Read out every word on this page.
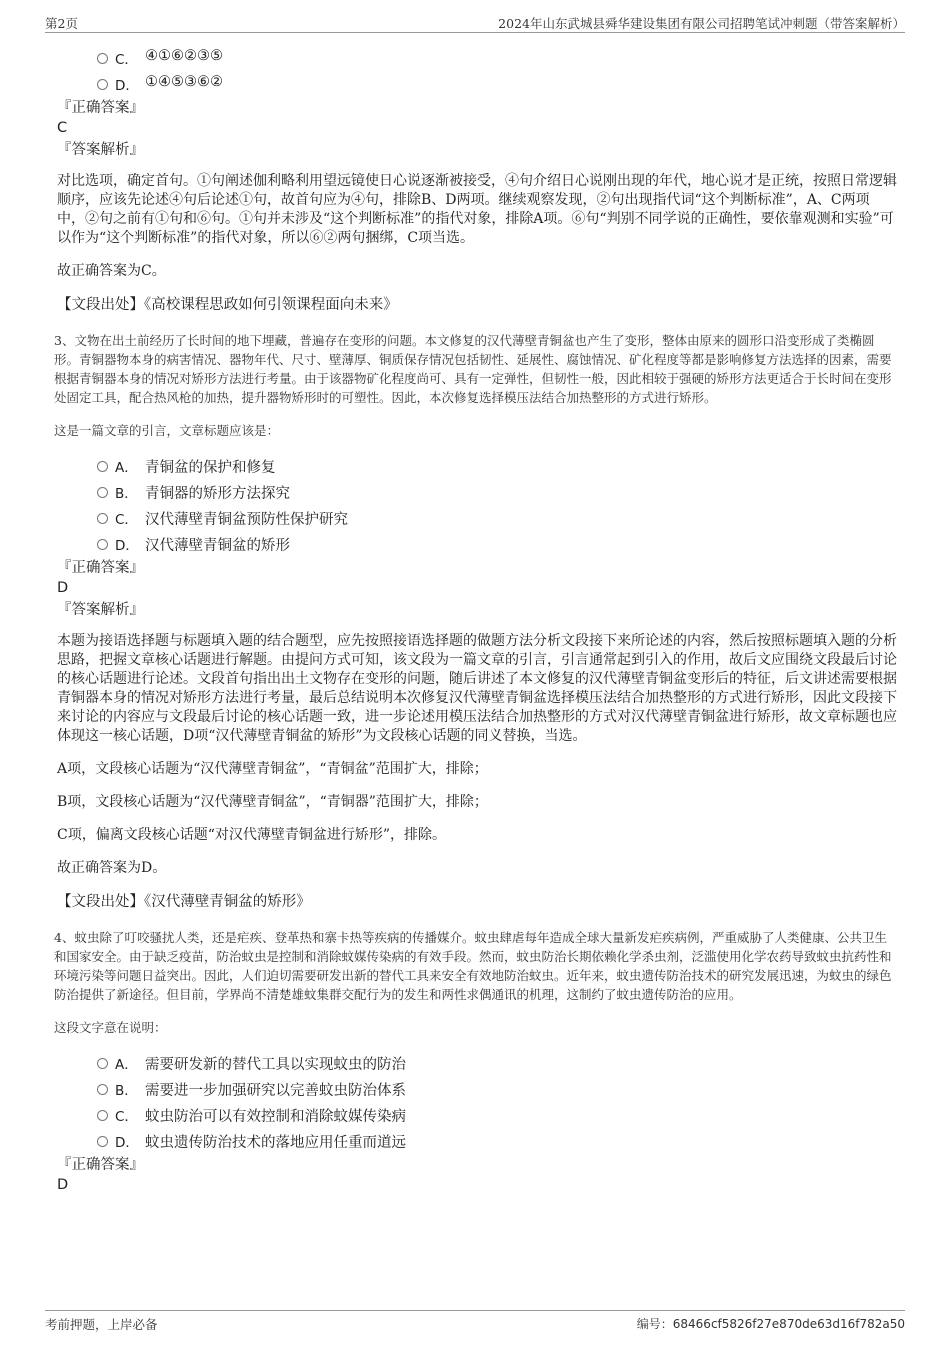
第2页	2024年山东武城县舜华建设集团有限公司招聘笔试冲刺题（带答案解析）
C． ④①⑥②③⑤
D． ①④⑤③⑥②
『正确答案』
C
『答案解析』
对比选项，确定首句。①句阐述伽利略利用望远镜使日心说逐渐被接受，④句介绍日心说刚出现的年代，地心说才是正统，按照日常逻辑顺序，应该先论述④句后论述①句，故首句应为④句，排除B、D两项。继续观察发现，②句出现指代词“这个判断标准”，A、C两项中，②句之前有①句和⑥句。①句并未涉及“这个判断标准”的指代对象，排除A项。⑥句“判别不同学说的正确性，要依靠观测和实验”可以作为“这个判断标准”的指代对象，所以⑥②两句捆绑，C项当选。
故正确答案为C。
【文段出处】《高校课程思政如何引领课程面向未来》
3、文物在出土前经历了长时间的地下埋藏，普遍存在变形的问题。本文修复的汉代薄壁青铜盆也产生了变形，整体由原来的圆形口沿变形成了类椭圆形。青铜器物本身的病害情况、器物年代、尺寸、壁薄厚、铜质保存情况包括韧性、延展性、腐蚀情况、矿化程度等都是影响修复方法选择的因素，需要根据青铜器本身的情况对矫形方法进行考量。由于该器物矿化程度尚可、具有一定弹性，但韧性一般，因此相较于强硬的矫形方法更适合于长时间在变形处固定工具，配合热风枪的加热，提升器物矫形时的可塑性。因此，本次修复选择模压法结合加热整形的方式进行矫形。
这是一篇文章的引言，文章标题应该是：
A． 青铜盆的保护和修复
B． 青铜器的矫形方法探究
C． 汉代薄壁青铜盆预防性保护研究
D． 汉代薄壁青铜盆的矫形
『正确答案』
D
『答案解析』
本题为接语选择题与标题填入题的结合题型，应先按照接语选择题的做题方法分析文段接下来所论述的内容，然后按照标题填入题的分析思路，把握文章核心话题进行解题。由提问方式可知，该文段为一篇文章的引言，引言通常起到引入的作用，故后文应围绕文段最后讨论的核心话题进行论述。文段首句指出出土文物存在变形的问题，随后讲述了本文修复的汉代薄壁青铜盆变形后的特征，后文讲述需要根据青铜器本身的情况对矫形方法进行考量，最后总结说明本次修复汉代薄壁青铜盆选择模压法结合加热整形的方式进行矫形，因此文段接下来讨论的内容应与文段最后讨论的核心话题一致，进一步论述用模压法结合加热整形的方式对汉代薄壁青铜盆进行矫形，故文章标题也应体现这一核心话题，D项“汉代薄壁青铜盆的矫形”为文段核心话题的同义替换，当选。
A项，文段核心话题为“汉代薄壁青铜盆”，“青铜盆”范围扩大，排除；
B项，文段核心话题为“汉代薄壁青铜盆”，“青铜器”范围扩大，排除；
C项，偏离文段核心话题“对汉代薄壁青铜盆进行矫形”，排除。
故正确答案为D。
【文段出处】《汉代薄壁青铜盆的矫形》
4、蚊虫除了叮咬骚扰人类，还是疟疾、登革热和寨卡热等疾病的传播媒介。蚊虫肆虐每年造成全球大量新发疟疾病例，严重威胁了人类健康、公共卫生和国家安全。由于缺乏疫苗，防治蚊虫是控制和消除蚊媒传染病的有效手段。然而，蚊虫防治长期依赖化学杀虫剂，泛滥使用化学农药导致蚊虫抗药性和环境污染等问题日益突出。因此，人们迫切需要研发出新的替代工具来安全有效地防治蚊虫。近年来，蚊虫遗传防治技术的研究发展迅速，为蚊虫的绿色防治提供了新途径。但目前，学界尚不清楚雄蚊集群交配行为的发生和两性求偶通讯的机理，这制约了蚊虫遗传防治的应用。
这段文字意在说明：
A． 需要研发新的替代工具以实现蚊虫的防治
B． 需要进一步加强研究以完善蚊虫防治体系
C． 蚊虫防治可以有效控制和消除蚊媒传染病
D． 蚊虫遗传防治技术的落地应用任重而道远
『正确答案』
D
考前押题，上岸必备	编号：68466cf5826f27e870de63d16f782a50
